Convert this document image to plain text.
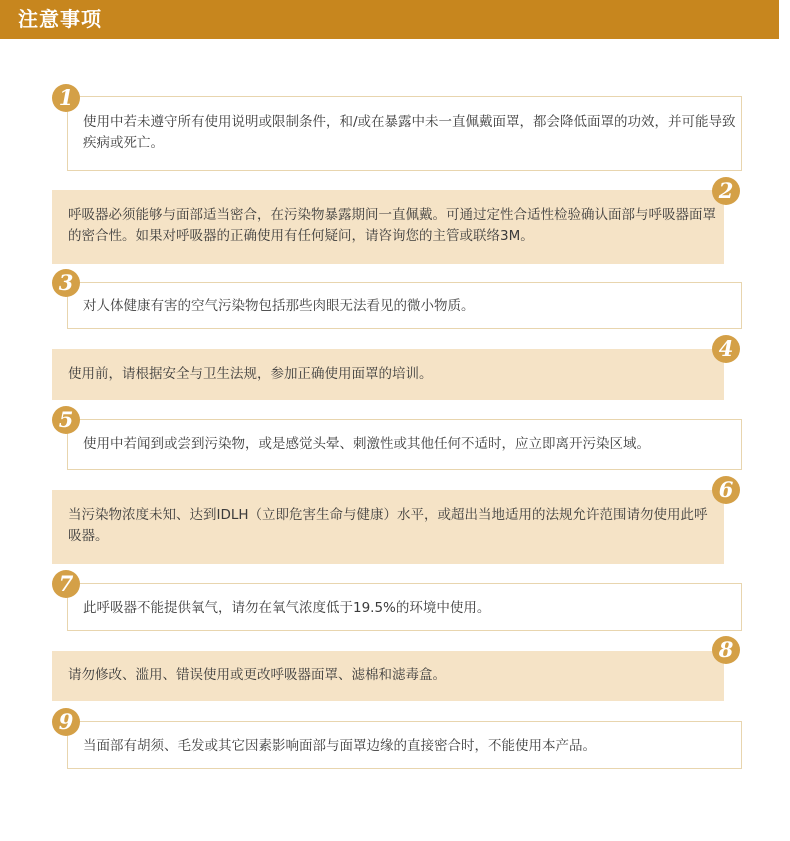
注意事项
使用中若未遵守所有使用说明或限制条件，和/或在暴露中未一直佩戴面罩，都会降低面罩的功效，并可能导致疾病或死亡。
1
呼吸器必须能够与面部适当密合，在污染物暴露期间一直佩戴。可通过定性合适性检验确认面部与呼吸器面罩的密合性。如果对呼吸器的正确使用有任何疑问，请咨询您的主管或联络3M。
2
对人体健康有害的空气污染物包括那些肉眼无法看见的微小物质。
3
使用前，请根据安全与卫生法规，参加正确使用面罩的培训。
4
使用中若闻到或尝到污染物，或是感觉头晕、刺激性或其他任何不适时，应立即离开污染区域。
5
当污染物浓度未知、达到IDLH（立即危害生命与健康）水平，或超出当地适用的法规允许范围请勿使用此呼吸器。
6
此呼吸器不能提供氧气，请勿在氧气浓度低于19.5%的环境中使用。
7
请勿修改、滥用、错误使用或更改呼吸器面罩、滤棉和滤毒盒。
8
当面部有胡须、毛发或其它因素影响面部与面罩边缘的直接密合时，不能使用本产品。
9
